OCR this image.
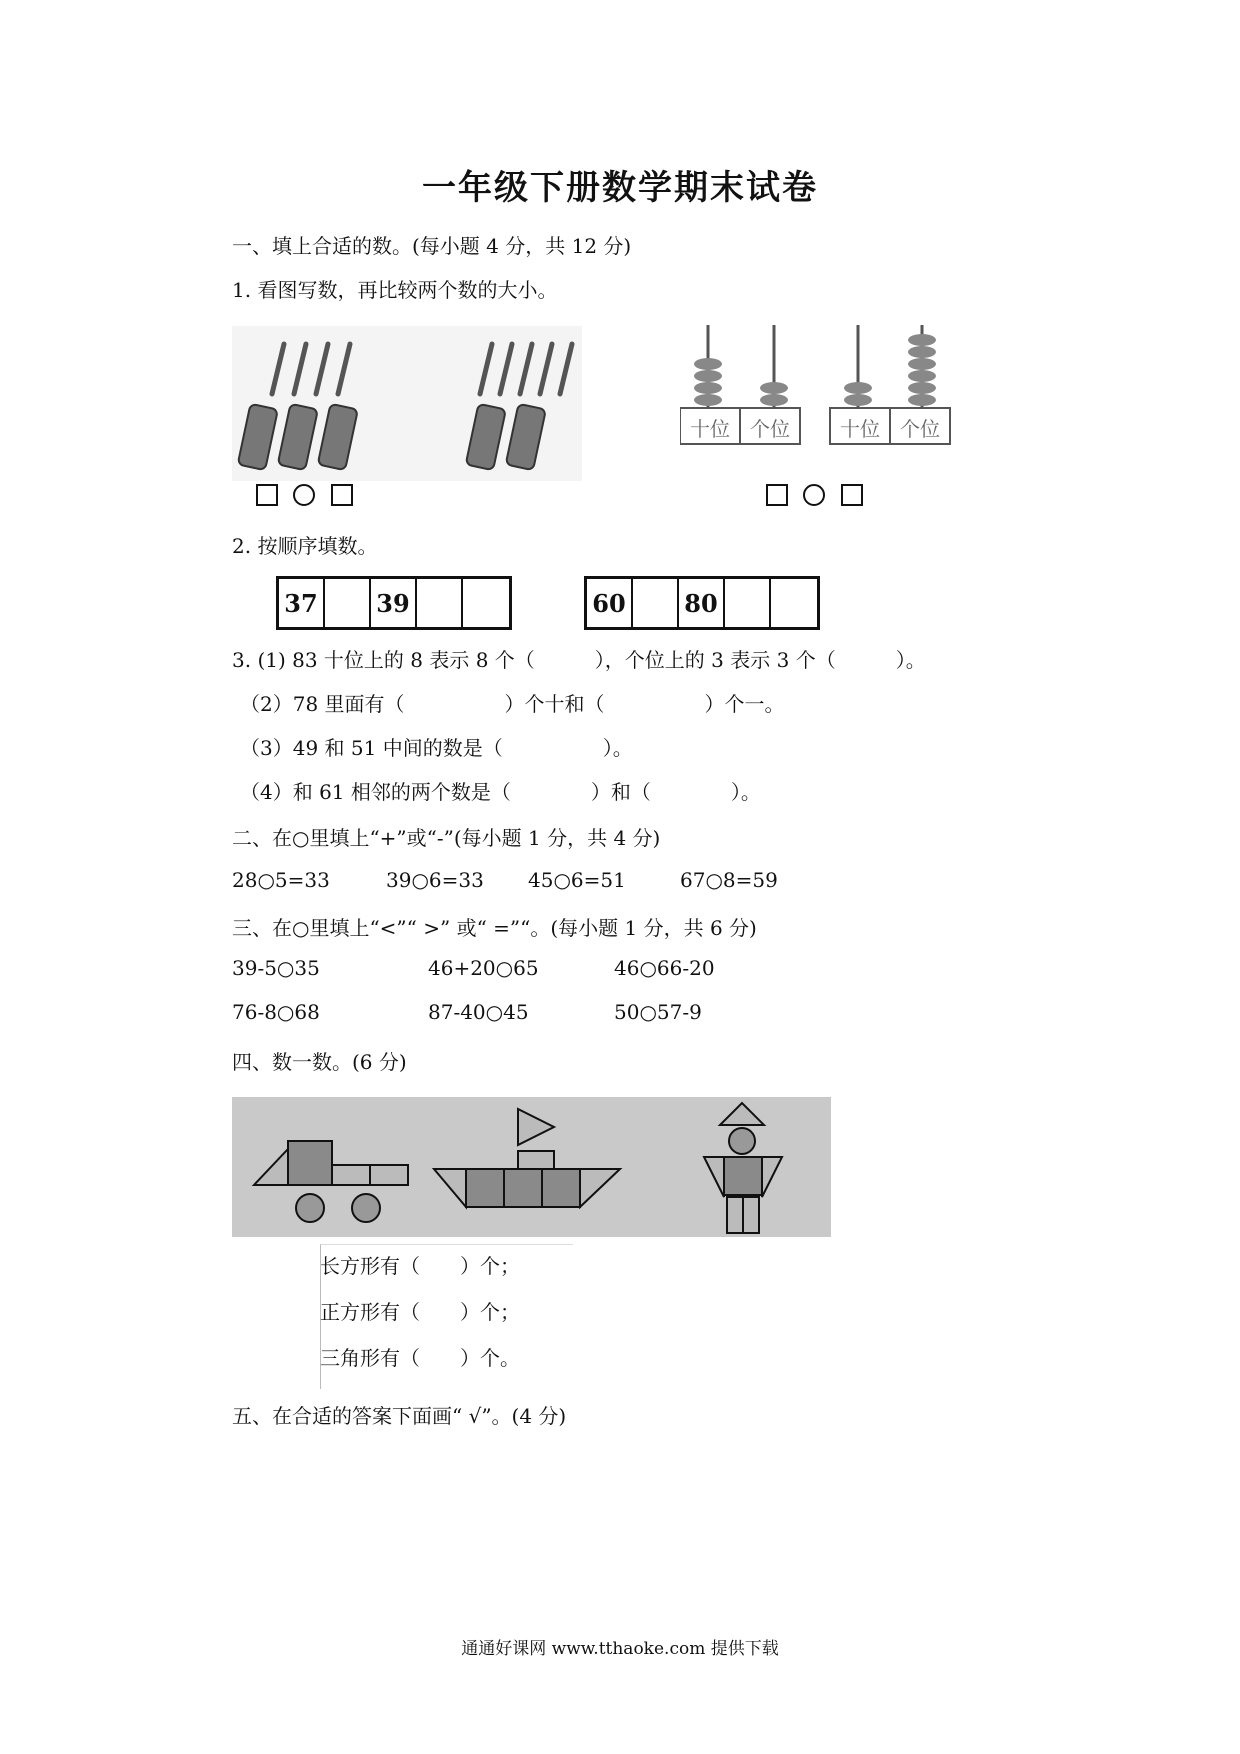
一年级下册数学期末试卷
一、填上合适的数。(每小题 4 分，共 12 分)
1. 看图写数，再比较两个数的大小。
十位	个位	十位	个位

2. 按顺序填数。
37	39	60	80
3. (1) 83 十位上的 8 表示 8 个（　　　），个位上的 3 表示 3 个（　　　）。
（2）78 里面有（　　　　　）个十和（　　　　　）个一。
（3）49 和 51 中间的数是（　　　　　）。
（4）和 61 相邻的两个数是（　　　　）和（　　　　）。
二、在○里填上“+”或“-”(每小题 1 分，共 4 分)
28○5=33	39○6=33 45○6=51	67○8=59
三、在○里填上“<”“ >” 或“ =”“。(每小题 1 分，共 6 分)
39-5○35	46+20○65	46○66-20
76-8○68	87-40○45	50○57-9
四、数一数。(6 分)
长方形有（　　）个；
正方形有（　　）个；
三角形有（　　）个。
五、在合适的答案下面画“ √”。(4 分)
通通好课网 www.tthaoke.com 提供下载
